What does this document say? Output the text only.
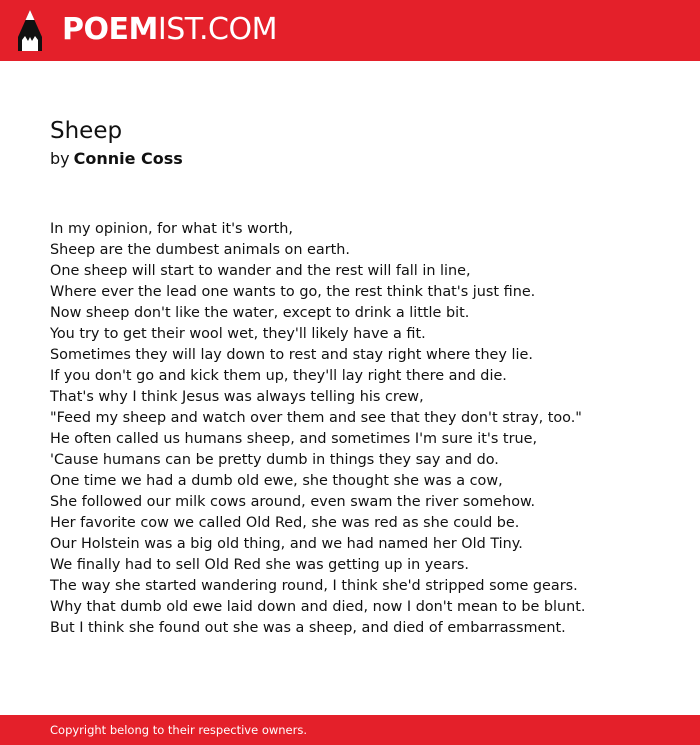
POEMIST.COM
Sheep
by Connie Coss
In my opinion, for what it's worth,
Sheep are the dumbest animals on earth.
One sheep will start to wander and the rest will fall in line,
Where ever the lead one wants to go, the rest think that's just fine.
Now sheep don't like the water, except to drink a little bit.
You try to get their wool wet, they'll likely have a fit.
Sometimes they will lay down to rest and stay right where they lie.
If you don't go and kick them up, they'll lay right there and die.
That's why I think Jesus was always telling his crew,
"Feed my sheep and watch over them and see that they don't stray, too."
He often called us humans sheep, and sometimes I'm sure it's true,
'Cause humans can be pretty dumb in things they say and do.
One time we had a dumb old ewe, she thought she was a cow,
She followed our milk cows around, even swam the river somehow.
Her favorite cow we called Old Red, she was red as she could be.
Our Holstein was a big old thing, and we had named her Old Tiny.
We finally had to sell Old Red she was getting up in years.
The way she started wandering round, I think she'd stripped some gears.
Why that dumb old ewe laid down and died, now I don't mean to be blunt.
But I think she found out she was a sheep, and died of embarrassment.
Copyright belong to their respective owners.
